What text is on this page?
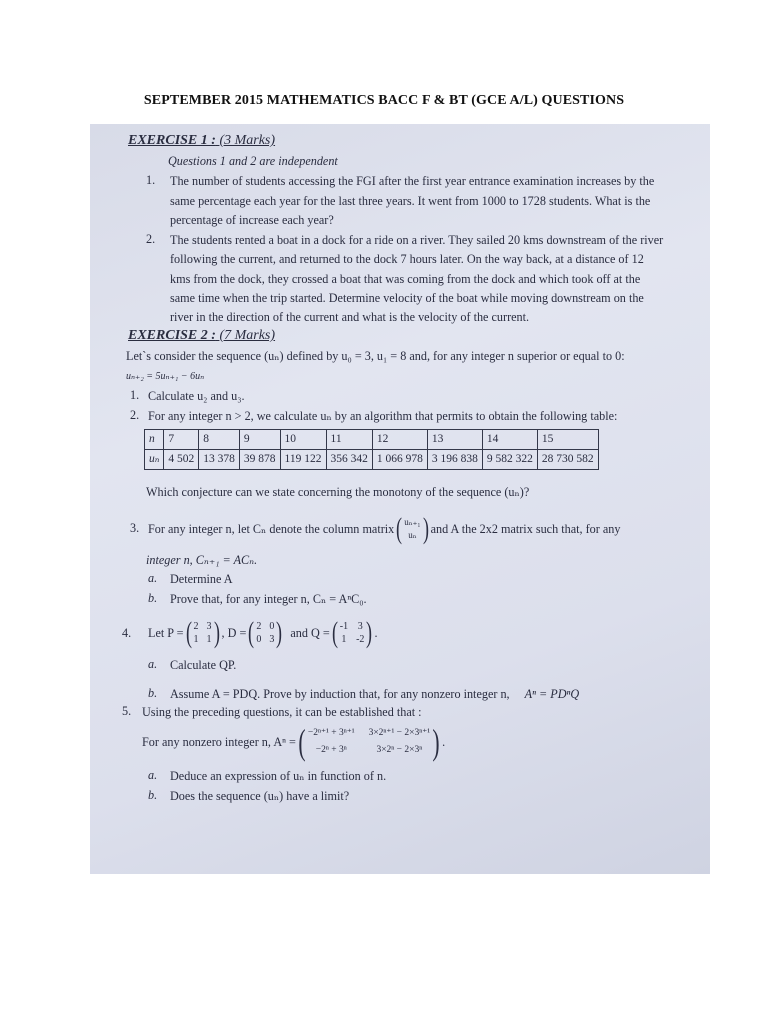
SEPTEMBER 2015 MATHEMATICS BACC F & BT (GCE A/L) QUESTIONS
EXERCISE 1 : (3 Marks)
Questions 1 and 2 are independent
1. The number of students accessing the FGI after the first year entrance examination increases by the
same percentage each year for the last three years. It went from 1000 to 1728 students. What is the
percentage of increase each year?
2. The students rented a boat in a dock for a ride on a river. They sailed 20 kms downstream of the river
following the current, and returned to the dock 7 hours later. On the way back, at a distance of 12
kms from the dock, they crossed a boat that was coming from the dock and which took off at the
same time when the trip started. Determine velocity of the boat while moving downstream on the
river in the direction of the current and what is the velocity of the current.
EXERCISE 2 : (7 Marks)
Let`s consider the sequence (uₙ) defined by u₀ = 3, u₁ = 8 and, for any integer n superior or equal to 0:
uₙ₊₂ = 5uₙ₊₁ − 6uₙ
1. Calculate u₂ and u₃.
2. For any integer n > 2, we calculate uₙ by an algorithm that permits to obtain the following table:
n	7	8	9	10	11	12	13	14	15
uₙ	4 502	13 378	39 878	119 122	356 342	1 066 978	3 196 838	9 582 322	28 730 582
Which conjecture can we state concerning the monotony of the sequence (uₙ)?
3. For any integer n, let Cₙ denote the column matrix ( uₙ₊₁
uₙ ) and A the 2x2 matrix such that, for any
integer n, Cₙ₊₁ = ACₙ.
a. Determine A
b. Prove that, for any integer n, Cₙ = AⁿC₀.
4. Let P = ( 2 3
1 1 ) , D = ( 2 0
0 3 ) and Q = ( -1 3
1 -2 ) .
a. Calculate QP.
b. Assume A = PDQ. Prove by induction that, for any nonzero integer n, Aⁿ = PDⁿQ
5. Using the preceding questions, it can be established that :
For any nonzero integer n, Aⁿ = ( −2ⁿ⁺¹ + 3ⁿ⁺¹ 3×2ⁿ⁺¹ − 2×3ⁿ⁺¹
−2ⁿ + 3ⁿ	3×2ⁿ − 2×3ⁿ ) .
a. Deduce an expression of uₙ in function of n.
b. Does the sequence (uₙ) have a limit?
